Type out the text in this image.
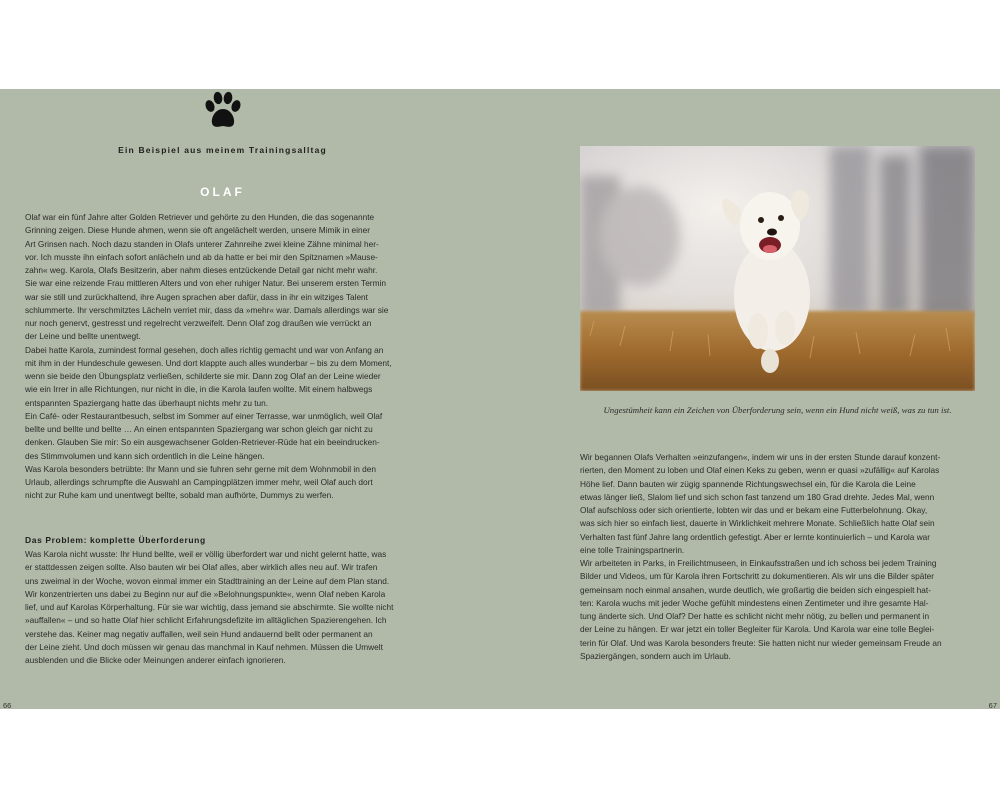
Ein Beispiel aus meinem Trainingsalltag
OLAF
Olaf war ein fünf Jahre alter Golden Retriever und gehörte zu den Hunden, die das sogenannte
Grinning zeigen. Diese Hunde ahmen, wenn sie oft angelächelt werden, unsere Mimik in einer
Art Grinsen nach. Noch dazu standen in Olafs unterer Zahnreihe zwei kleine Zähne minimal her-
vor. Ich musste ihn einfach sofort anlächeln und ab da hatte er bei mir den Spitznamen »Mause-
zahn« weg. Karola, Olafs Besitzerin, aber nahm dieses entzückende Detail gar nicht mehr wahr.
Sie war eine reizende Frau mittleren Alters und von eher ruhiger Natur. Bei unserem ersten Termin
war sie still und zurückhaltend, ihre Augen sprachen aber dafür, dass in ihr ein witziges Talent
schlummerte. Ihr verschmitztes Lächeln verriet mir, dass da »mehr« war. Damals allerdings war sie
nur noch genervt, gestresst und regelrecht verzweifelt. Denn Olaf zog draußen wie verrückt an
der Leine und bellte unentwegt.
Dabei hatte Karola, zumindest formal gesehen, doch alles richtig gemacht und war von Anfang an
mit ihm in der Hundeschule gewesen. Und dort klappte auch alles wunderbar – bis zu dem Moment,
wenn sie beide den Übungsplatz verließen, schilderte sie mir. Dann zog Olaf an der Leine wieder
wie ein Irrer in alle Richtungen, nur nicht in die, in die Karola laufen wollte. Mit einem halbwegs
entspannten Spaziergang hatte das überhaupt nichts mehr zu tun.
Ein Café- oder Restaurantbesuch, selbst im Sommer auf einer Terrasse, war unmöglich, weil Olaf
bellte und bellte und bellte … An einen entspannten Spaziergang war schon gleich gar nicht zu
denken. Glauben Sie mir: So ein ausgewachsener Golden-Retriever-Rüde hat ein beeindrucken-
des Stimmvolumen und kann sich ordentlich in die Leine hängen.
Was Karola besonders betrübte: Ihr Mann und sie fuhren sehr gerne mit dem Wohnmobil in den
Urlaub, allerdings schrumpfte die Auswahl an Campingplätzen immer mehr, weil Olaf auch dort
nicht zur Ruhe kam und unentwegt bellte, sobald man aufhörte, Dummys zu werfen.
Das Problem: komplette Überforderung
Was Karola nicht wusste: Ihr Hund bellte, weil er völlig überfordert war und nicht gelernt hatte, was
er stattdessen zeigen sollte. Also bauten wir bei Olaf alles, aber wirklich alles neu auf. Wir trafen
uns zweimal in der Woche, wovon einmal immer ein Stadttraining an der Leine auf dem Plan stand.
Wir konzentrierten uns dabei zu Beginn nur auf die »Belohnungspunkte«, wenn Olaf neben Karola
lief, und auf Karolas Körperhaltung. Für sie war wichtig, dass jemand sie abschirmte. Sie wollte nicht
»auffallen« – und so hatte Olaf hier schlicht Erfahrungsdefizite im alltäglichen Spazierengehen. Ich
verstehe das. Keiner mag negativ auffallen, weil sein Hund andauernd bellt oder permanent an
der Leine zieht. Und doch müssen wir genau das manchmal in Kauf nehmen. Müssen die Umwelt
ausblenden und die Blicke oder Meinungen anderer einfach ignorieren.
66
Ungestümheit kann ein Zeichen von Überforderung sein, wenn ein Hund nicht weiß, was zu tun ist.
Wir begannen Olafs Verhalten »einzufangen«, indem wir uns in der ersten Stunde darauf konzent-
rierten, den Moment zu loben und Olaf einen Keks zu geben, wenn er quasi »zufällig« auf Karolas
Höhe lief. Dann bauten wir zügig spannende Richtungswechsel ein, für die Karola die Leine
etwas länger ließ, Slalom lief und sich schon fast tanzend um 180 Grad drehte. Jedes Mal, wenn
Olaf aufschloss oder sich orientierte, lobten wir das und er bekam eine Futterbelohnung. Okay,
was sich hier so einfach liest, dauerte in Wirklichkeit mehrere Monate. Schließlich hatte Olaf sein
Verhalten fast fünf Jahre lang ordentlich gefestigt. Aber er lernte kontinuierlich – und Karola war
eine tolle Trainingspartnerin.
Wir arbeiteten in Parks, in Freilichtmuseen, in Einkaufsstraßen und ich schoss bei jedem Training
Bilder und Videos, um für Karola ihren Fortschritt zu dokumentieren. Als wir uns die Bilder später
gemeinsam noch einmal ansahen, wurde deutlich, wie großartig die beiden sich eingespielt hat-
ten: Karola wuchs mit jeder Woche gefühlt mindestens einen Zentimeter und ihre gesamte Hal-
tung änderte sich. Und Olaf? Der hatte es schlicht nicht mehr nötig, zu bellen und permanent in
der Leine zu hängen. Er war jetzt ein toller Begleiter für Karola. Und Karola war eine tolle Beglei-
terin für Olaf. Und was Karola besonders freute: Sie hatten nicht nur wieder gemeinsam Freude an
Spaziergängen, sondern auch im Urlaub.
67
